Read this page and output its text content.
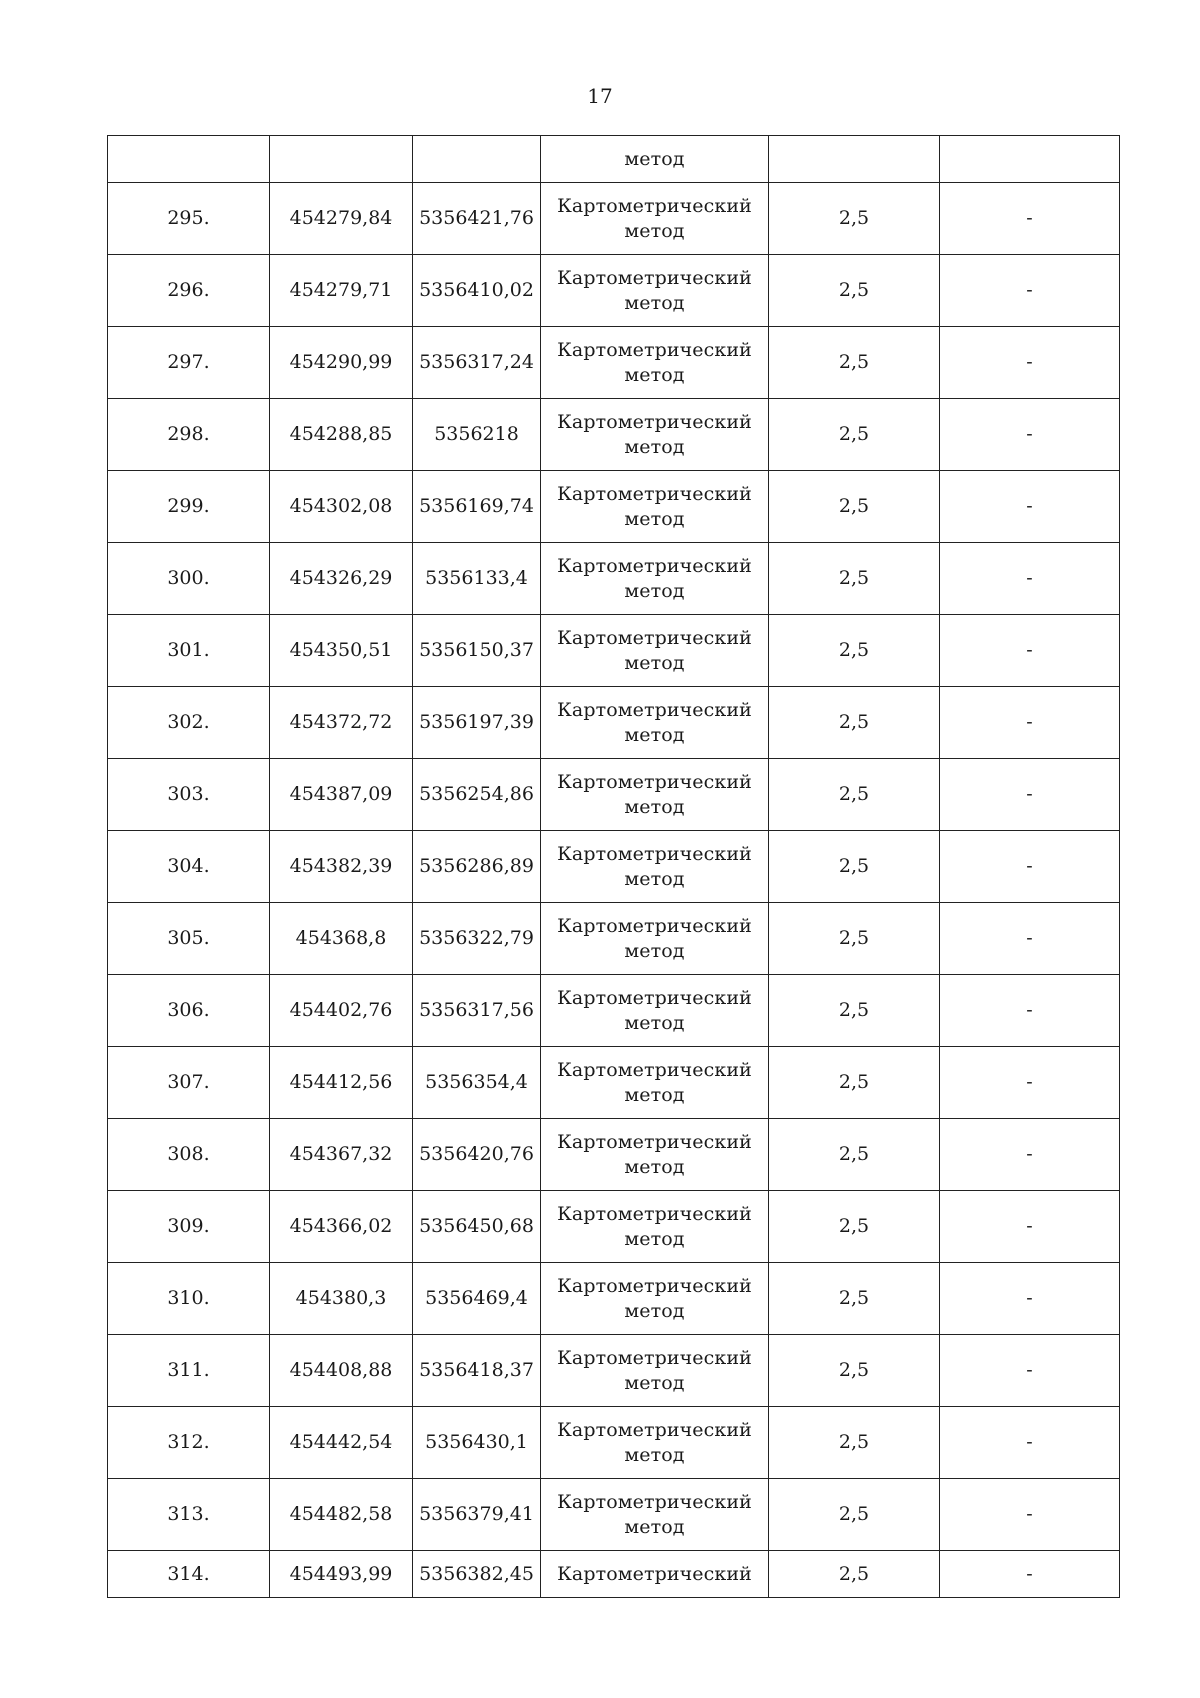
17
			метод		
295.	454279,84	5356421,76	Картометрический метод	2,5	-
296.	454279,71	5356410,02	Картометрический метод	2,5	-
297.	454290,99	5356317,24	Картометрический метод	2,5	-
298.	454288,85	5356218	Картометрический метод	2,5	-
299.	454302,08	5356169,74	Картометрический метод	2,5	-
300.	454326,29	5356133,4	Картометрический метод	2,5	-
301.	454350,51	5356150,37	Картометрический метод	2,5	-
302.	454372,72	5356197,39	Картометрический метод	2,5	-
303.	454387,09	5356254,86	Картометрический метод	2,5	-
304.	454382,39	5356286,89	Картометрический метод	2,5	-
305.	454368,8	5356322,79	Картометрический метод	2,5	-
306.	454402,76	5356317,56	Картометрический метод	2,5	-
307.	454412,56	5356354,4	Картометрический метод	2,5	-
308.	454367,32	5356420,76	Картометрический метод	2,5	-
309.	454366,02	5356450,68	Картометрический метод	2,5	-
310.	454380,3	5356469,4	Картометрический метод	2,5	-
311.	454408,88	5356418,37	Картометрический метод	2,5	-
312.	454442,54	5356430,1	Картометрический метод	2,5	-
313.	454482,58	5356379,41	Картометрический метод	2,5	-
314.	454493,99	5356382,45	Картометрический	2,5	-
